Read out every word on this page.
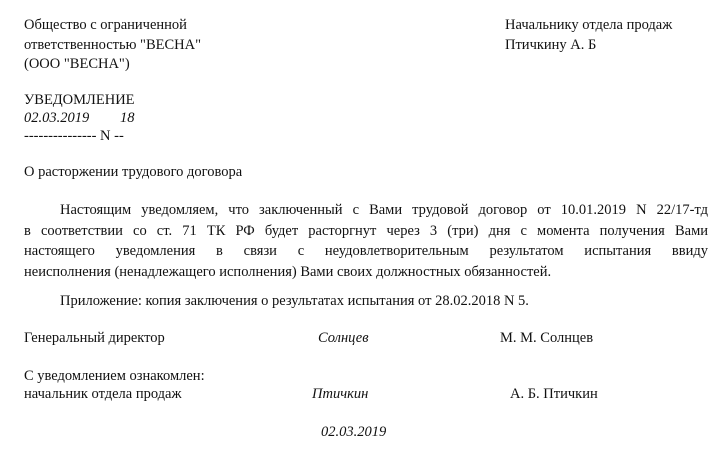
Общество с ограниченной
ответственностью "ВЕСНА"
(ООО "ВЕСНА")
Начальнику отдела продаж
Птичкину А. Б
УВЕДОМЛЕНИЕ
02.03.2019 18
--------------- N --
О расторжении трудового договора

Настоящим уведомляем, что заключенный с Вами трудовой договор от 10.01.2019 N 22/17-тд

в соответствии со ст. 71 ТК РФ будет расторгнут через 3 (три) дня с момента получения Вами

настоящего уведомления в связи с неудовлетворительным результатом испытания ввиду

неисполнения (ненадлежащего исполнения) Вами своих должностных обязанностей.

Приложение: копия заключения о результатах испытания от 28.02.2018 N 5.
Генеральный директор	Солнцев	М. М. Солнцев
С уведомлением ознакомлен:
начальник отдела продаж	Птичкин	А. Б. Птичкин
02.03.2019
